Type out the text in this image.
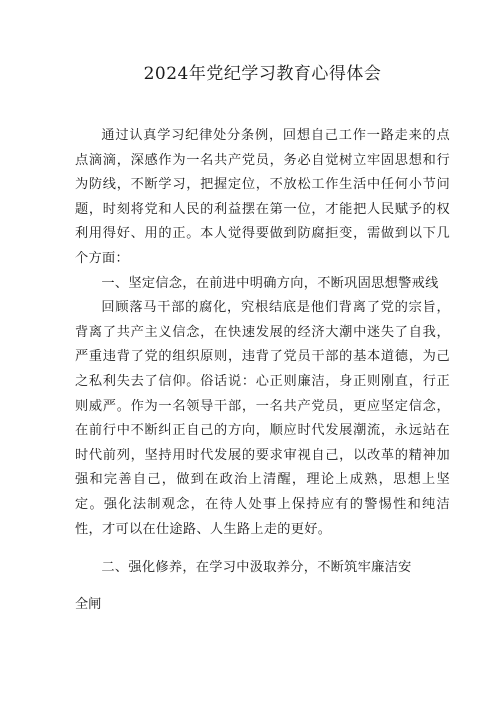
2024年党纪学习教育心得体会

通过认真学习纪律处分条例，回想自己工作一路走来的点点滴滴，深感作为一名共产党员，务必自觉树立牢固思想和行为防线，不断学习，把握定位，不放松工作生活中任何小节问题，时刻将党和人民的利益摆在第一位，才能把人民赋予的权利用得好、用的正。本人觉得要做到防腐拒变，需做到以下几个方面：

一、坚定信念，在前进中明确方向，不断巩固思想警戒线

回顾落马干部的腐化，究根结底是他们背离了党的宗旨，背离了共产主义信念，在快速发展的经济大潮中迷失了自我，严重违背了党的组织原则，违背了党员干部的基本道德，为己之私利失去了信仰。俗话说：心正则廉洁，身正则刚直，行正则威严。作为一名领导干部，一名共产党员，更应坚定信念，在前行中不断纠正自己的方向，顺应时代发展潮流，永远站在时代前列，坚持用时代发展的要求审视自己，以改革的精神加强和完善自己，做到在政治上清醒，理论上成熟，思想上坚定。强化法制观念，在待人处事上保持应有的警惕性和纯洁性，才可以在仕途路、人生路上走的更好。

二、强化修养，在学习中汲取养分，不断筑牢廉洁安

全闸
